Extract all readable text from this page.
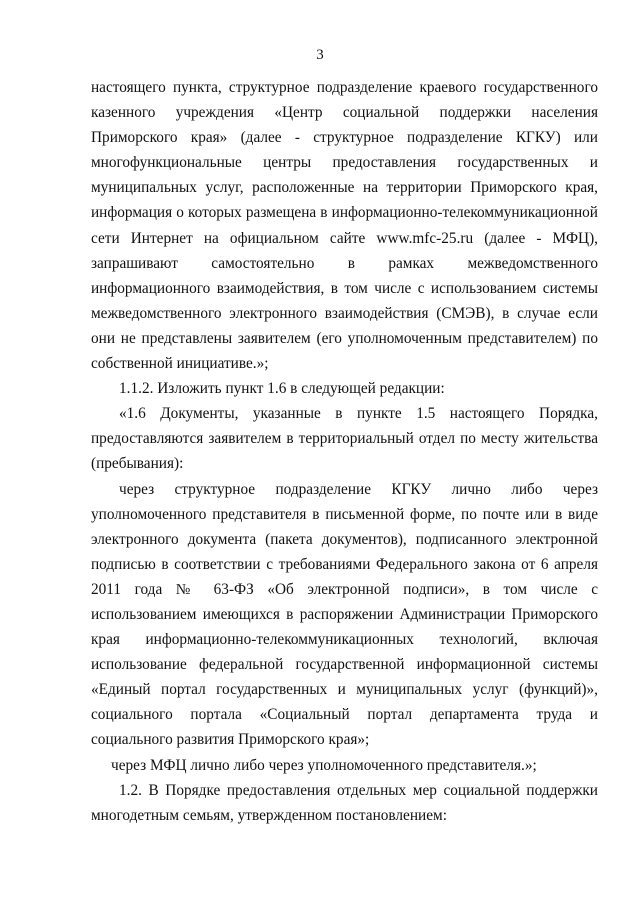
3

настоящего пункта, структурное подразделение краевого государственного казенного учреждения «Центр социальной поддержки населения Приморского края» (далее - структурное подразделение КГКУ) или многофункциональные центры предоставления государственных и муниципальных услуг, расположенные на территории Приморского края, информация о которых размещена в информационно-телекоммуникационной сети Интернет на официальном сайте www.mfc-25.ru (далее - МФЦ), запрашивают самостоятельно в рамках межведомственного информационного взаимодействия, в том числе с использованием системы межведомственного электронного взаимодействия (СМЭВ), в случае если они не представлены заявителем (его уполномоченным представителем) по собственной инициативе.»;

1.1.2. Изложить пункт 1.6 в следующей редакции:

«1.6 Документы, указанные в пункте 1.5 настоящего Порядка, предоставляются заявителем в территориальный отдел по месту жительства (пребывания):

через структурное подразделение КГКУ лично либо через уполномоченного представителя в письменной форме, по почте или в виде электронного документа (пакета документов), подписанного электронной подписью в соответствии с требованиями Федерального закона от 6 апреля 2011 года № 63-ФЗ «Об электронной подписи», в том числе с использованием имеющихся в распоряжении Администрации Приморского края информационно-телекоммуникационных технологий, включая использование федеральной государственной информационной системы «Единый портал государственных и муниципальных услуг (функций)», социального портала «Социальный портал департамента труда и социального развития Приморского края»;

через МФЦ лично либо через уполномоченного представителя.»;

1.2. В Порядке предоставления отдельных мер социальной поддержки многодетным семьям, утвержденном постановлением:
